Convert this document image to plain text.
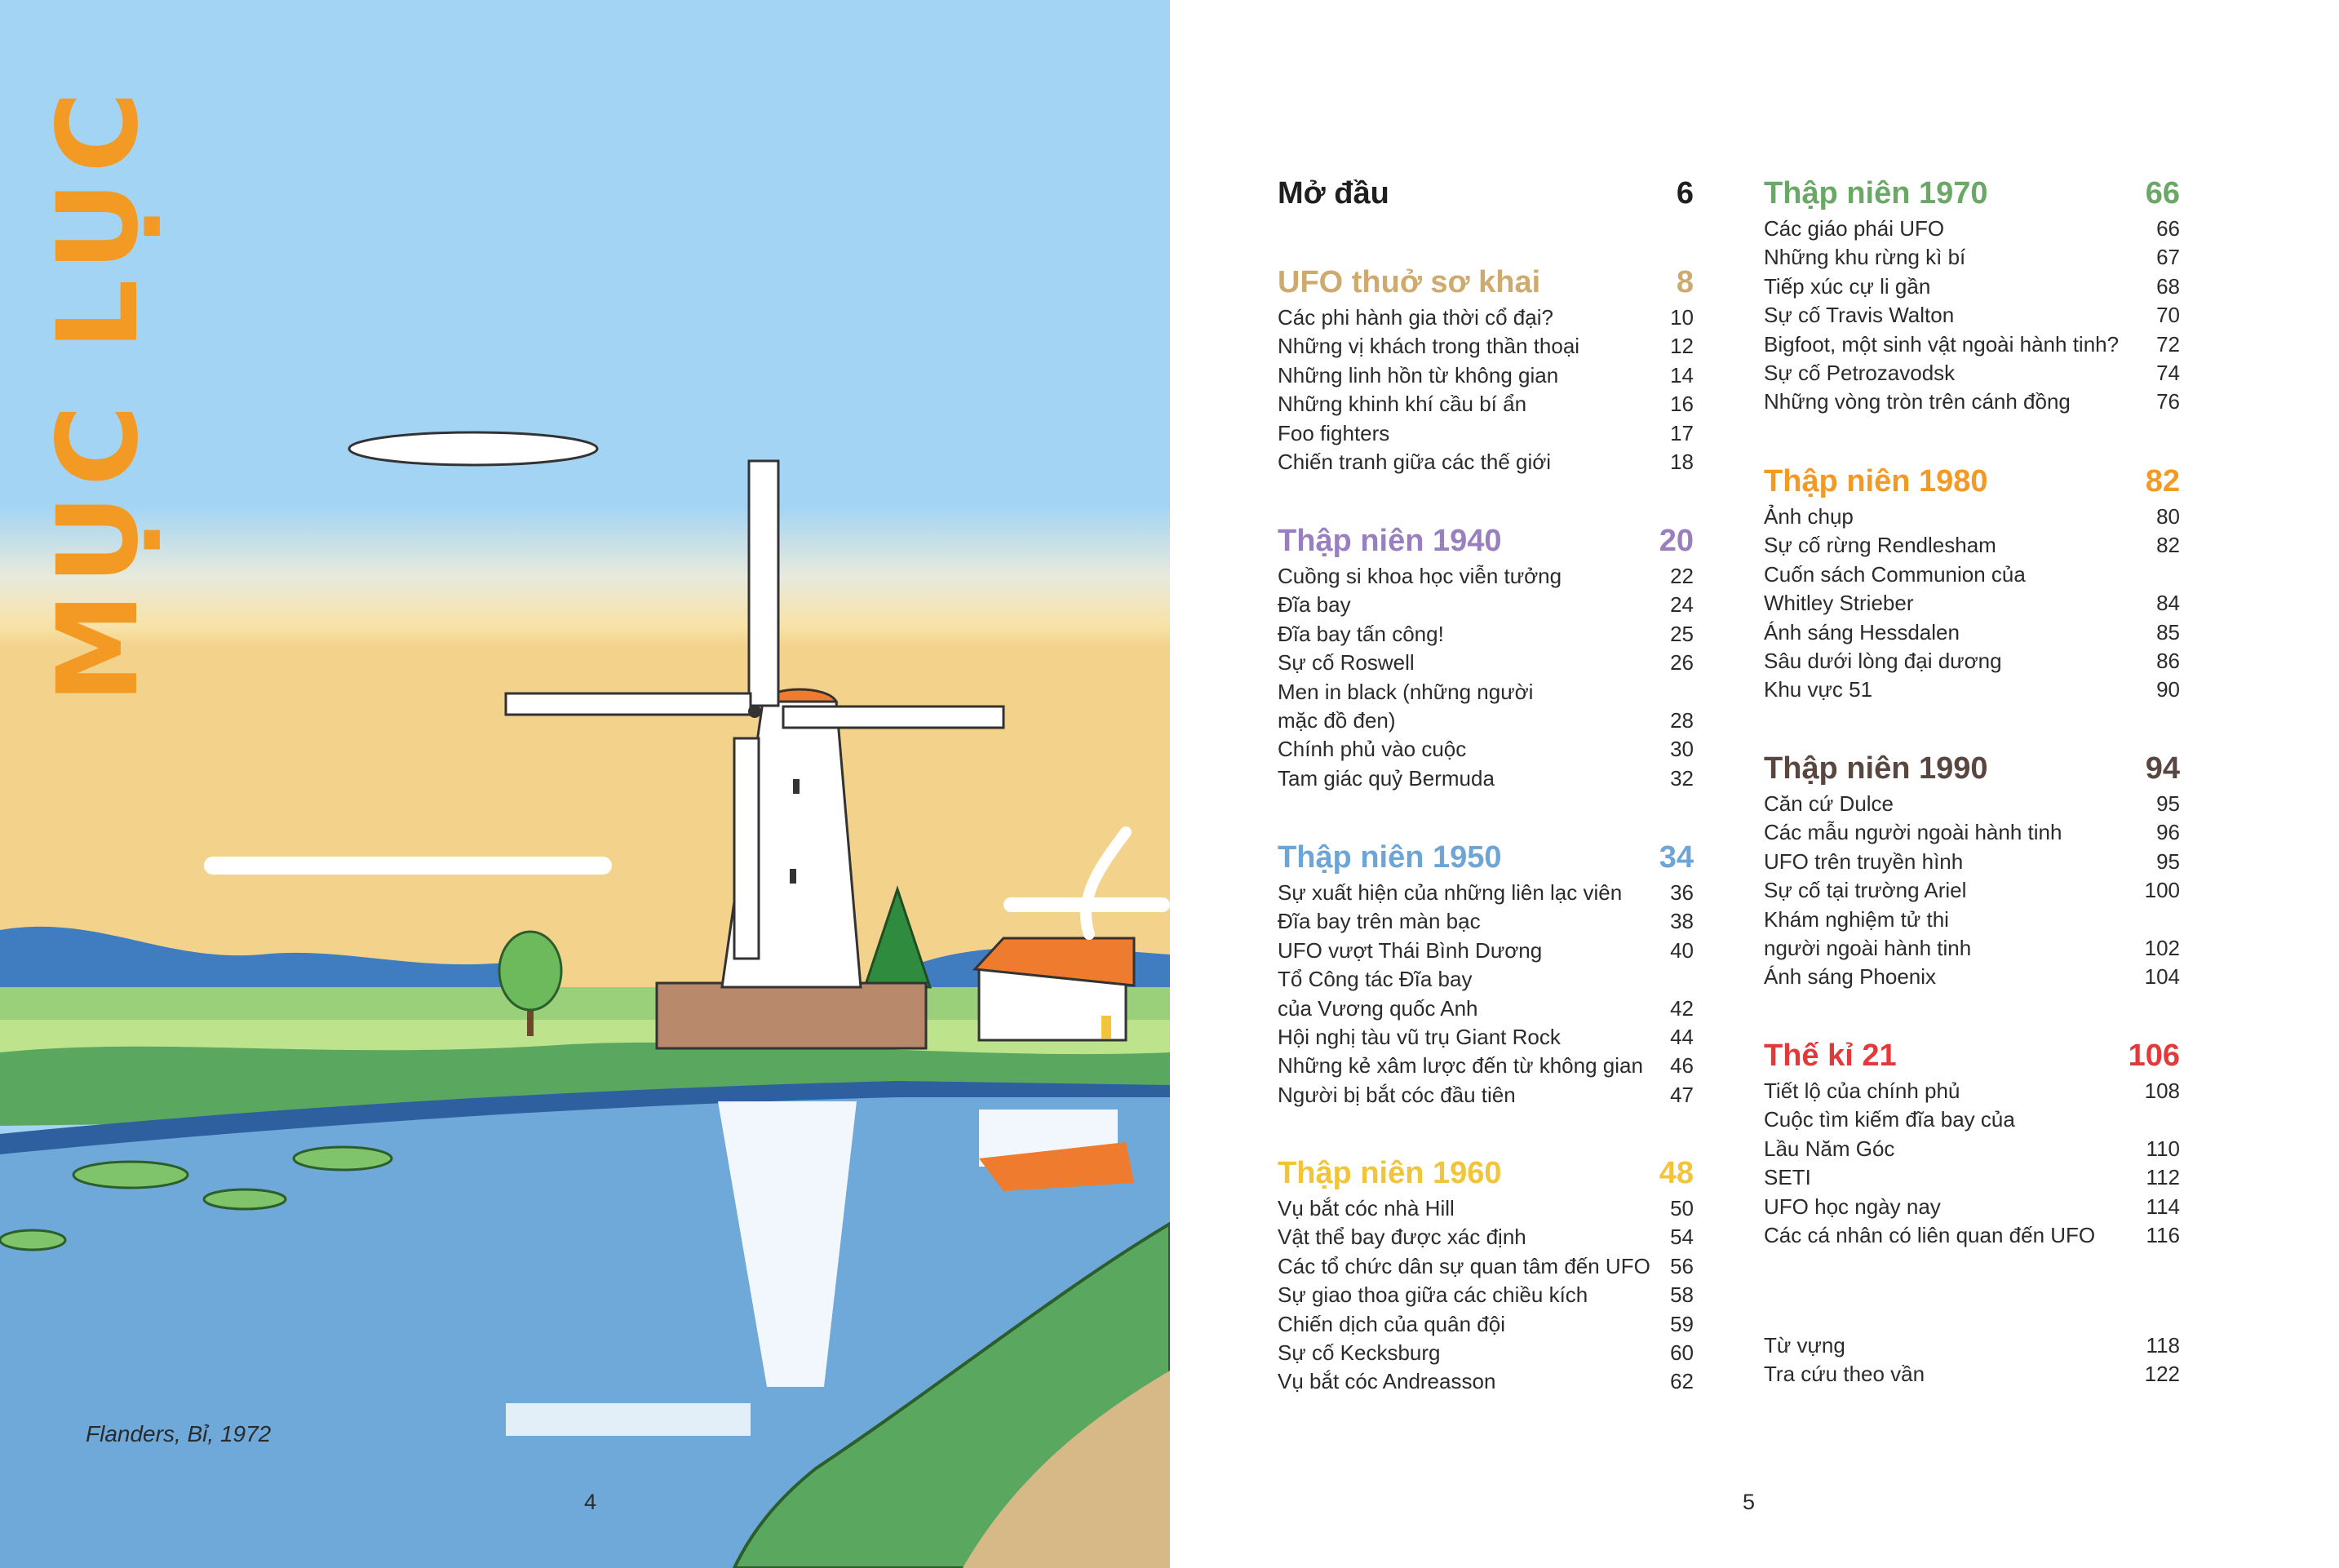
MỤC LỤC
Flanders, Bỉ, 1972
4
Mở đầu	6
UFO thuở sơ khai	8
Các phi hành gia thời cổ đại?	10
Những vị khách trong thần thoại	12
Những linh hồn từ không gian	14
Những khinh khí cầu bí ẩn	16
Foo fighters	17
Chiến tranh giữa các thế giới	18
Thập niên 1940	20
Cuồng si khoa học viễn tưởng	22
Đĩa bay	24
Đĩa bay tấn công!	25
Sự cố Roswell	26
Men in black (những người
mặc đồ đen)	28
Chính phủ vào cuộc	30
Tam giác quỷ Bermuda	32
Thập niên 1950	34
Sự xuất hiện của những liên lạc viên 36
Đĩa bay trên màn bạc	38
UFO vượt Thái Bình Dương	40
Tổ Công tác Đĩa bay
của Vương quốc Anh	42
Hội nghị tàu vũ trụ Giant Rock	44
Những kẻ xâm lược đến từ không gian 46
Người bị bắt cóc đầu tiên	47
Thập niên 1960	48
Vụ bắt cóc nhà Hill	50
Vật thể bay được xác định	54
Các tổ chức dân sự quan tâm đến UFO 56
Sự giao thoa giữa các chiều kích	58
Chiến dịch của quân đội	59
Sự cố Kecksburg	60
Vụ bắt cóc Andreasson	62
Thập niên 1970	66
Các giáo phái UFO	66
Những khu rừng kì bí	67
Tiếp xúc cự li gần	68
Sự cố Travis Walton	70
Bigfoot, một sinh vật ngoài hành tinh? 72
Sự cố Petrozavodsk	74
Những vòng tròn trên cánh đồng	76
Thập niên 1980	82
Ảnh chụp	80
Sự cố rừng Rendlesham	82
Cuốn sách Communion của
Whitley Strieber	84
Ánh sáng Hessdalen	85
Sâu dưới lòng đại dương	86
Khu vực 51	90
Thập niên 1990	94
Căn cứ Dulce	95
Các mẫu người ngoài hành tinh	96
UFO trên truyền hình	95
Sự cố tại trường Ariel	100
Khám nghiệm tử thi
người ngoài hành tinh	102
Ánh sáng Phoenix	104
Thế kỉ 21	106
Tiết lộ của chính phủ	108
Cuộc tìm kiếm đĩa bay của
Lầu Năm Góc	110
SETI	112
UFO học ngày nay	114
Các cá nhân có liên quan đến UFO 116
Từ vựng	118
Tra cứu theo vần	122
5
